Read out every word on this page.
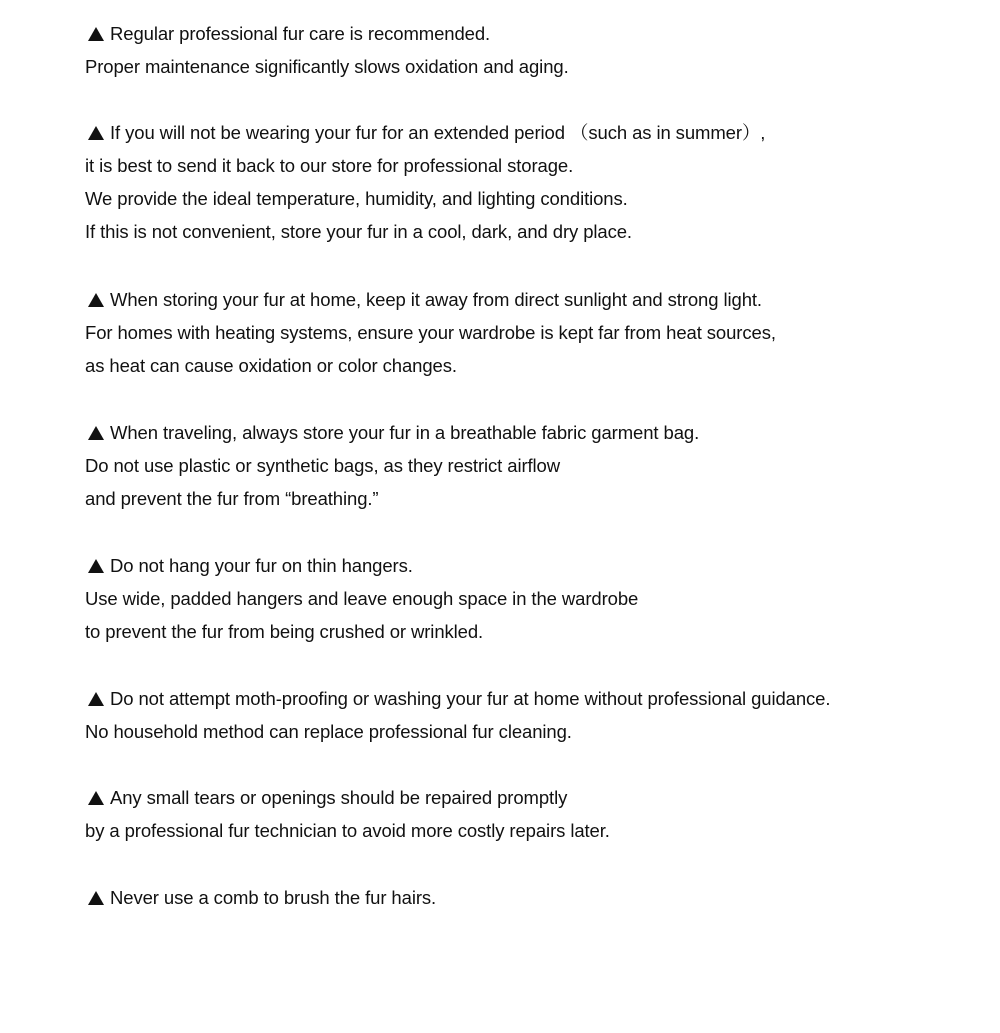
Regular professional fur care is recommended.
Proper maintenance significantly slows oxidation and aging.
If you will not be wearing your fur for an extended period （such as in summer）,
it is best to send it back to our store for professional storage.
We provide the ideal temperature, humidity, and lighting conditions.
If this is not convenient, store your fur in a cool, dark, and dry place.
When storing your fur at home, keep it away from direct sunlight and strong light.
For homes with heating systems, ensure your wardrobe is kept far from heat sources,
as heat can cause oxidation or color changes.
When traveling, always store your fur in a breathable fabric garment bag.
Do not use plastic or synthetic bags, as they restrict airflow
and prevent the fur from “breathing.”
Do not hang your fur on thin hangers.
Use wide, padded hangers and leave enough space in the wardrobe
to prevent the fur from being crushed or wrinkled.
Do not attempt moth-proofing or washing your fur at home without professional guidance.
No household method can replace professional fur cleaning.
Any small tears or openings should be repaired promptly
by a professional fur technician to avoid more costly repairs later.
Never use a comb to brush the fur hairs.
